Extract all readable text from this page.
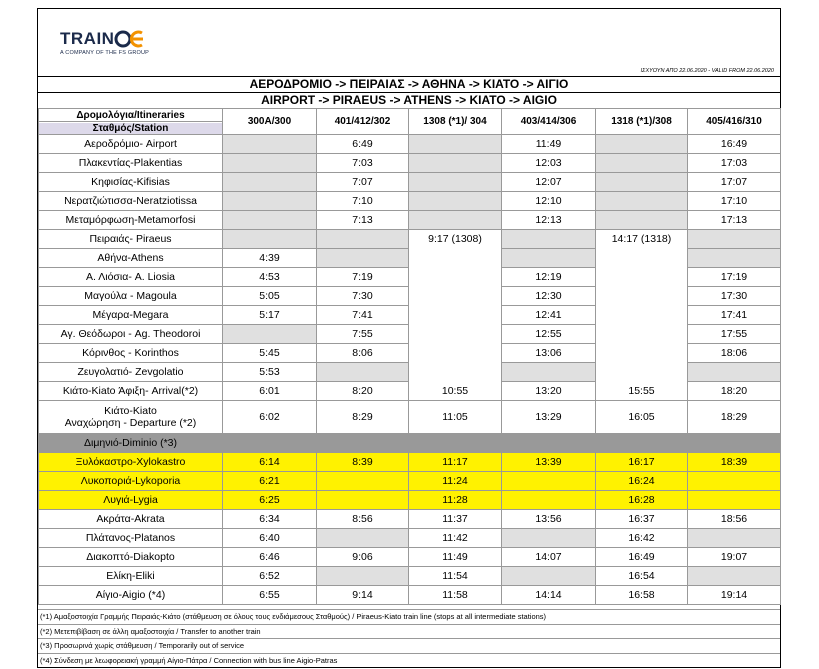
TRAIN
A COMPANY OF THE FS GROUP
ΙΣΧΥΟΥΝ ΑΠΟ 22.06.2020 - VALID FROM 22.06.2020
ΑΕΡΟΔΡΟΜΙΟ -> ΠΕΙΡΑΙΑΣ -> ΑΘΗΝΑ -> ΚΙΑΤΟ -> ΑΙΓΙΟ
AIRPORT -> PIRAEUS -> ATHENS -> KIATO -> AIGIO
Δρομολόγια/Itineraries	300A/300	401/412/302	1308 (*1)/ 304	403/414/306	1318 (*1)/308	405/416/310

Σταθμός/Station						

Αεροδρόμιο- Airport		6:49		11:49		16:49

Πλακεντίας-Plakentias		7:03		12:03		17:03

Κηφισίας-Kifisias		7:07		12:07		17:07

Νερατζιώτισσα-Neratziotissa		7:10		12:10		17:10

Μεταμόρφωση-Metamorfosi		7:13		12:13		17:13

Πειραιάς- Piraeus			9:17 (1308)		14:17 (1318)	

Αθήνα-Athens	4:39					

Α. Λιόσια- A. Liosia	4:53	7:19		12:19		17:19

Μαγούλα - Magoula	5:05	7:30		12:30		17:30

Μέγαρα-Megara	5:17	7:41		12:41		17:41

Αγ. Θεόδωροι - Ag. Theodoroi		7:55		12:55		17:55

Κόρινθος - Korinthos	5:45	8:06		13:06		18:06

Ζευγολατιό- Zevgolatio	5:53					

Κιάτο-Kiato Άφιξη- Arrival(*2)	6:01	8:20	10:55	13:20	15:55	18:20

Κιάτο-Kiato
Αναχώρηση - Departure (*2)	6:02	8:29	11:05	13:29	16:05	18:29

Διμηνιό-Diminio (*3)						

Ξυλόκαστρο-Xylokastro	6:14	8:39	11:17	13:39	16:17	18:39

Λυκοποριά-Lykoporia	6:21		11:24		16:24	

Λυγιά-Lygia	6:25		11:28		16:28	

Ακράτα-Akrata	6:34	8:56	11:37	13:56	16:37	18:56

Πλάτανος-Platanos	6:40		11:42		16:42	

Διακοπτό-Diakopto	6:46	9:06	11:49	14:07	16:49	19:07

Ελίκη-Eliki	6:52		11:54		16:54	

Αίγιο-Aigio (*4)	6:55	9:14	11:58	14:14	16:58	19:14
(*1) Αμαξοστοιχία Γραμμής Πειραιάς-Κιάτο (στάθμευση σε όλους τους ενδιάμεσους Σταθμούς) / Piraeus-Kiato train line (stops at all intermediate stations)
(*2) Μετεπιβίβαση σε άλλη αμαξοστοιχία / Transfer to another train
(*3) Προσωρινά χωρίς στάθμευση / Temporarily out of service
(*4) Σύνδεση με λεωφορειακή γραμμή Αίγιο-Πάτρα / Connection with bus line Aigio-Patras
